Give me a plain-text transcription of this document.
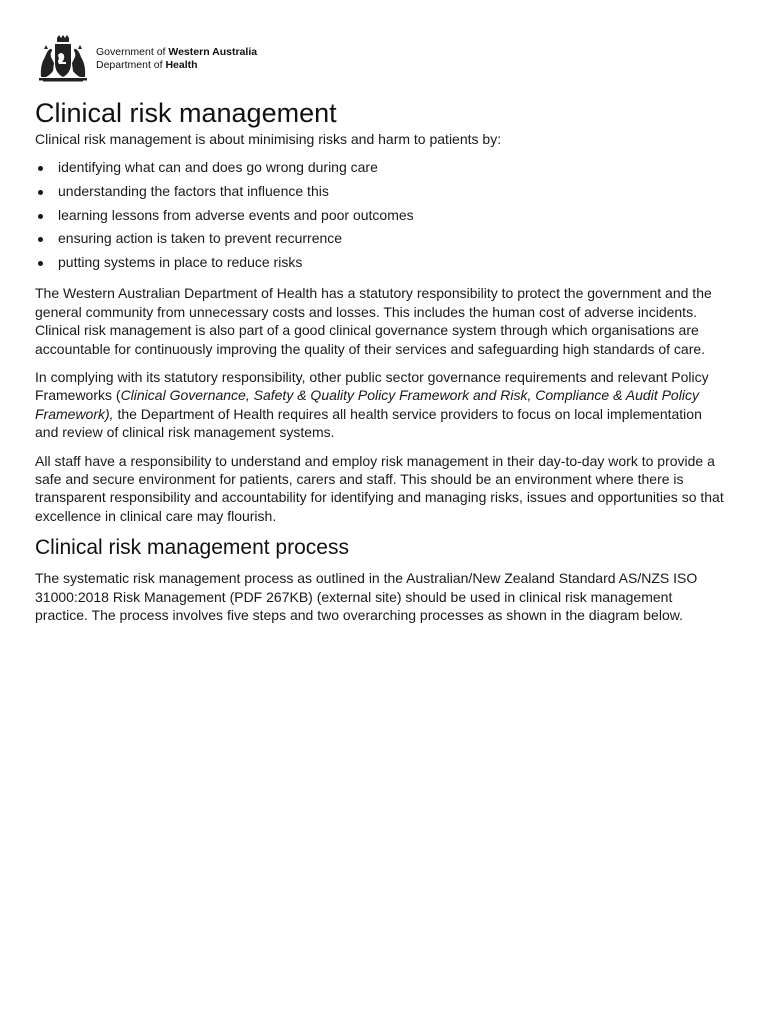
Government of Western Australia
Department of Health
Clinical risk management

Clinical risk management is about minimising risks and harm to patients by:

identifying what can and does go wrong during care
understanding the factors that influence this
learning lessons from adverse events and poor outcomes
ensuring action is taken to prevent recurrence
putting systems in place to reduce risks

The Western Australian Department of Health has a statutory responsibility to protect the government and the general community from unnecessary costs and losses. This includes the human cost of adverse incidents. Clinical risk management is also part of a good clinical governance system through which organisations are accountable for continuously improving the quality of their services and safeguarding high standards of care.

In complying with its statutory responsibility, other public sector governance requirements and relevant Policy Frameworks (Clinical Governance, Safety & Quality Policy Framework and Risk, Compliance & Audit Policy Framework), the Department of Health requires all health service providers to focus on local implementation and review of clinical risk management systems.

All staff have a responsibility to understand and employ risk management in their day-to-day work to provide a safe and secure environment for patients, carers and staff. This should be an environment where there is transparent responsibility and accountability for identifying and managing risks, issues and opportunities so that excellence in clinical care may flourish.

Clinical risk management process

The systematic risk management process as outlined in the Australian/New Zealand Standard AS/NZS ISO 31000:2018 Risk Management (PDF 267KB) (external site) should be used in clinical risk management practice. The process involves five steps and two overarching processes as shown in the diagram below.
